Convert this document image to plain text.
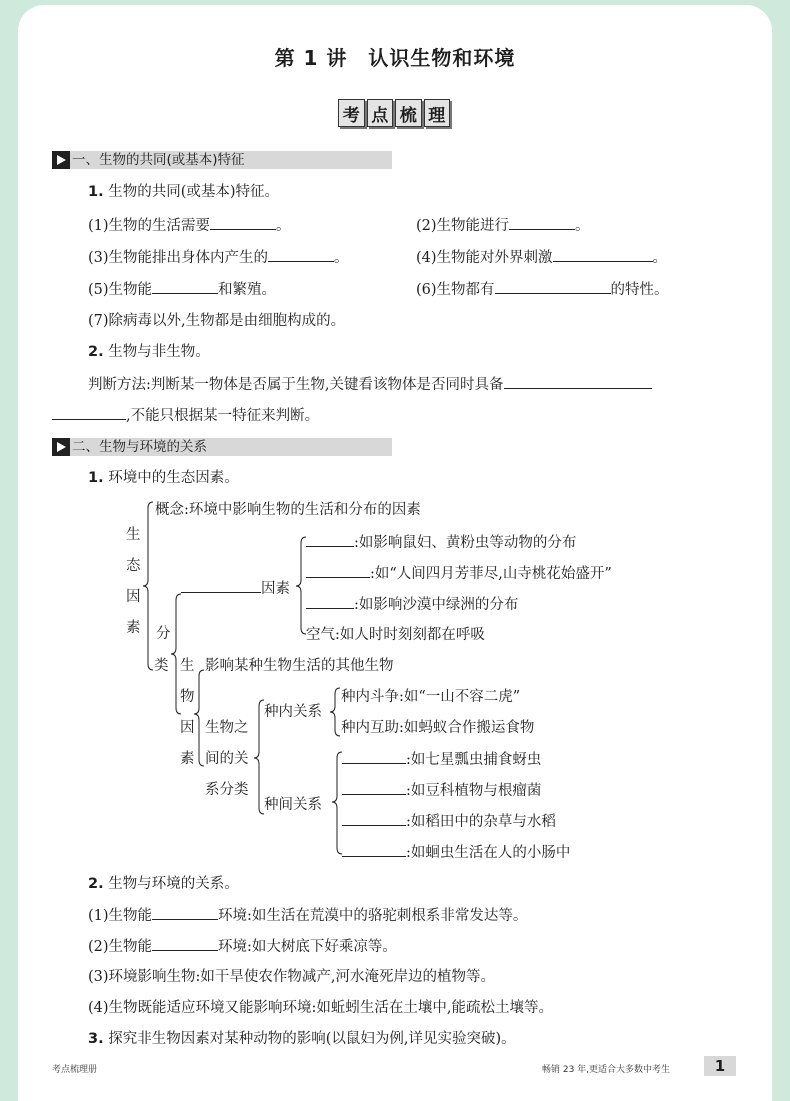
第 1 讲　认识生物和环境
考 点 梳 理
一、生物的共同(或基本)特征
1. 生物的共同(或基本)特征。
(1)生物的生活需要	。	(2)生物能进行	。
(3)生物能排出身体内产生的	。	(4)生物能对外界刺激	。
(5)生物能	和繁殖。	(6)生物都有	的特性。
(7)除病毒以外,生物都是由细胞构成的。
2. 生物与非生物。
判断方法:判断某一物体是否属于生物,关键看该物体是否同时具备
,不能只根据某一特征来判断。
二、生物与环境的关系
1. 环境中的生态因素。
生
态
因
素
概念:环境中影响生物的生活和分布的因素
分
类
因素
:如影响鼠妇、黄粉虫等动物的分布
:如“人间四月芳菲尽,山寺桃花始盛开”
:如影响沙漠中绿洲的分布
空气:如人时时刻刻都在呼吸
生
物
因
素
影响某种生物生活的其他生物
生物之
间的关
系分类
种内关系
种内斗争:如“一山不容二虎”
种内互助:如蚂蚁合作搬运食物
种间关系
:如七星瓢虫捕食蚜虫
:如豆科植物与根瘤菌
:如稻田中的杂草与水稻
:如蛔虫生活在人的小肠中
2. 生物与环境的关系。
(1)生物能	环境:如生活在荒漠中的骆驼刺根系非常发达等。
(2)生物能	环境:如大树底下好乘凉等。
(3)环境影响生物:如干旱使农作物减产,河水淹死岸边的植物等。
(4)生物既能适应环境又能影响环境:如蚯蚓生活在土壤中,能疏松土壤等。
3. 探究非生物因素对某种动物的影响(以鼠妇为例,详见实验突破)。
考点梳理册	畅销 23 年,更适合大多数中考生	1
